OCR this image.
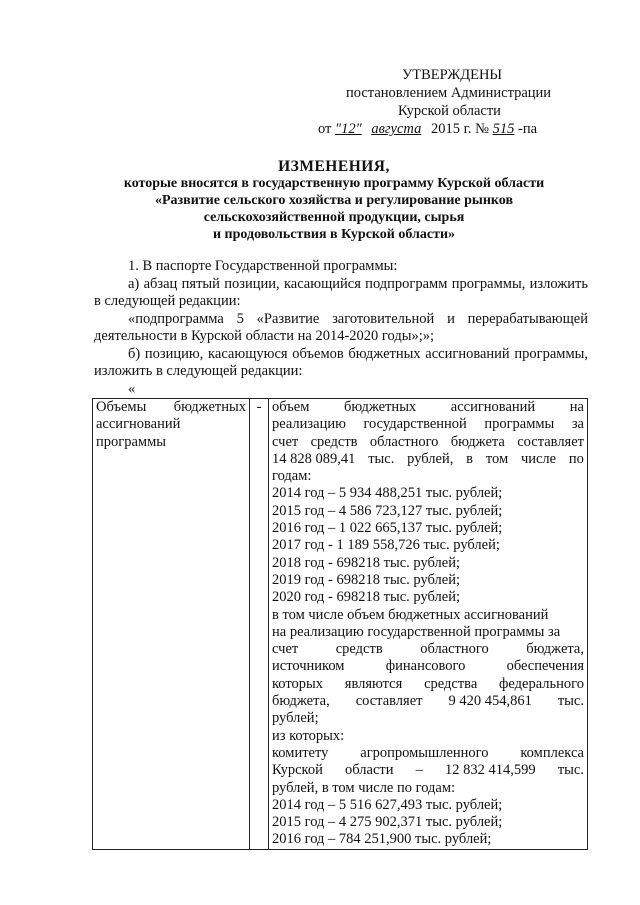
УТВЕРЖДЕНЫ
постановлением Администрации
Курской области
от "12" августа 2015 г. № 515 -па
ИЗМЕНЕНИЯ,
которые вносятся в государственную программу Курской области
«Развитие сельского хозяйства и регулирование рынков
сельскохозяйственной продукции, сырья
и продовольствия в Курской области»

1. В паспорте Государственной программы:

а) абзац пятый позиции, касающийся подпрограмм программы, изложить в следующей редакции:

«подпрограмма 5 «Развитие заготовительной и перерабатывающей деятельности в Курской области на 2014-2020 годы»;»;

б) позицию, касающуюся объемов бюджетных ассигнований программы, изложить в следующей редакции:

«

Объемы бюджетных
ассигнований
программы
	-	объем бюджетных ассигнований на
реализацию государственной программы за
счет средств областного бюджета составляет
14 828 089,41 тыс. рублей, в том числе по
годам:
2014 год – 5 934 488,251 тыс. рублей;
2015 год – 4 586 723,127 тыс. рублей;
2016 год – 1 022 665,137 тыс. рублей;
2017 год - 1 189 558,726 тыс. рублей;
2018 год - 698218 тыс. рублей;
2019 год - 698218 тыс. рублей;
2020 год - 698218 тыс. рублей;
в том числе объем бюджетных ассигнований
на реализацию государственной программы за
счет	средств	областного	бюджета,
источником	финансового	обеспечения
которых являются средства федерального
бюджета, составляет 9 420 454,861 тыс.
рублей;
из которых:
комитету агропромышленного комплекса
Курской области – 12 832 414,599 тыс.
рублей, в том числе по годам:
2014 год – 5 516 627,493 тыс. рублей;
2015 год – 4 275 902,371 тыс. рублей;
2016 год – 784 251,900 тыс. рублей;
